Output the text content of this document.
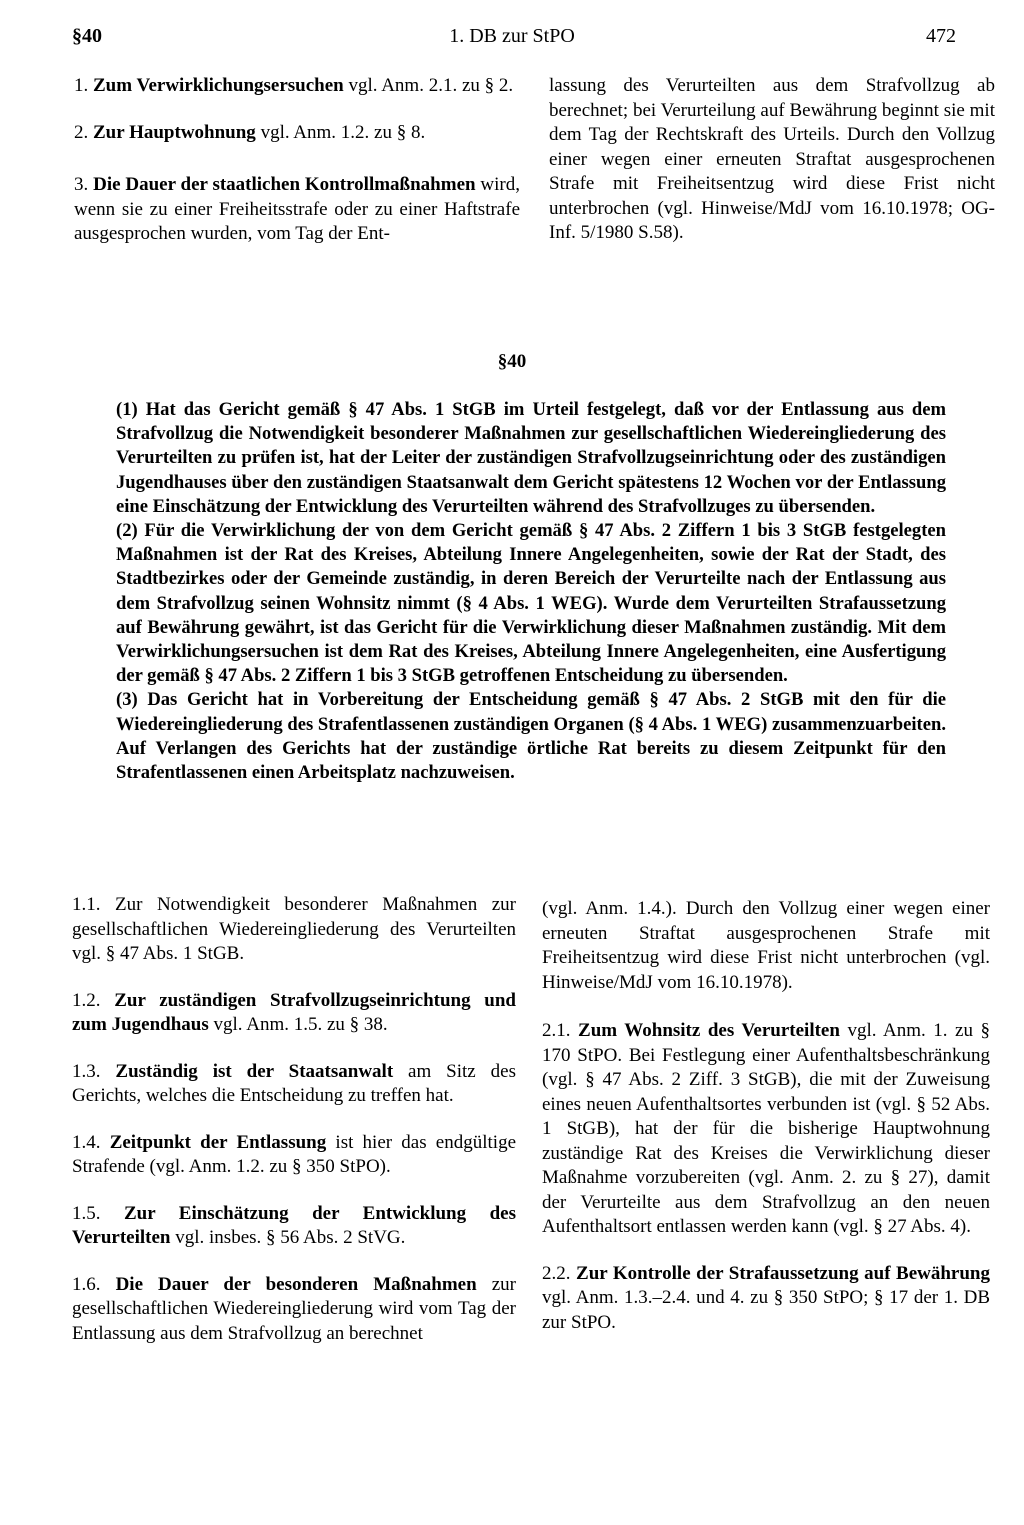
§40	1. DB zur StPO	472

1. Zum Verwirklichungsersuchen vgl. Anm. 2.1. zu § 2.

2. Zur Hauptwohnung vgl. Anm. 1.2. zu § 8.

3. Die Dauer der staatlichen Kontrollmaßnahmen wird, wenn sie zu einer Freiheitsstrafe oder zu einer Haftstrafe ausgesprochen wurden, vom Tag der Ent-

lassung des Verurteilten aus dem Strafvollzug ab berechnet; bei Verurteilung auf Bewährung beginnt sie mit dem Tag der Rechtskraft des Urteils. Durch den Vollzug einer wegen einer erneuten Straftat ausgesprochenen Strafe mit Freiheitsentzug wird diese Frist nicht unterbrochen (vgl. Hinweise/MdJ vom 16.10.1978; OG-Inf. 5/1980 S.58).

§40

(1) Hat das Gericht gemäß § 47 Abs. 1 StGB im Urteil festgelegt, daß vor der Entlassung aus dem Strafvollzug die Notwendigkeit besonderer Maßnahmen zur gesellschaftlichen Wiedereingliederung des Verurteilten zu prüfen ist, hat der Leiter der zuständigen Strafvollzugseinrichtung oder des zuständigen Jugendhauses über den zuständigen Staatsanwalt dem Gericht spätestens 12 Wochen vor der Entlassung eine Einschätzung der Entwicklung des Verurteilten während des Strafvollzuges zu übersenden.

(2) Für die Verwirklichung der von dem Gericht gemäß § 47 Abs. 2 Ziffern 1 bis 3 StGB festgelegten Maßnahmen ist der Rat des Kreises, Abteilung Innere Angelegenheiten, sowie der Rat der Stadt, des Stadtbezirkes oder der Gemeinde zuständig, in deren Bereich der Verurteilte nach der Entlassung aus dem Strafvollzug seinen Wohnsitz nimmt (§ 4 Abs. 1 WEG). Wurde dem Verurteilten Strafaussetzung auf Bewährung gewährt, ist das Gericht für die Verwirklichung dieser Maßnahmen zuständig. Mit dem Verwirklichungsersuchen ist dem Rat des Kreises, Abteilung Innere Angelegenheiten, eine Ausfertigung der gemäß § 47 Abs. 2 Ziffern 1 bis 3 StGB getroffenen Entscheidung zu übersenden.

(3) Das Gericht hat in Vorbereitung der Entscheidung gemäß § 47 Abs. 2 StGB mit den für die Wiedereingliederung des Strafentlassenen zuständigen Organen (§ 4 Abs. 1 WEG) zusammenzuarbeiten. Auf Verlangen des Gerichts hat der zuständige örtliche Rat bereits zu diesem Zeitpunkt für den Strafentlassenen einen Arbeitsplatz nachzuweisen.

1.1. Zur Notwendigkeit besonderer Maßnahmen zur gesellschaftlichen Wiedereingliederung des Verurteilten vgl. § 47 Abs. 1 StGB.

1.2. Zur zuständigen Strafvollzugseinrichtung und zum Jugendhaus vgl. Anm. 1.5. zu § 38.

1.3. Zuständig ist der Staatsanwalt am Sitz des Gerichts, welches die Entscheidung zu treffen hat.

1.4. Zeitpunkt der Entlassung ist hier das endgültige Strafende (vgl. Anm. 1.2. zu § 350 StPO).

1.5. Zur Einschätzung der Entwicklung des Verurteilten vgl. insbes. § 56 Abs. 2 StVG.

1.6. Die Dauer der besonderen Maßnahmen zur gesellschaftlichen Wiedereingliederung wird vom Tag der Entlassung aus dem Strafvollzug an berechnet

(vgl. Anm. 1.4.). Durch den Vollzug einer wegen einer erneuten Straftat ausgesprochenen Strafe mit Freiheitsentzug wird diese Frist nicht unterbrochen (vgl. Hinweise/MdJ vom 16.10.1978).

2.1. Zum Wohnsitz des Verurteilten vgl. Anm. 1. zu § 170 StPO. Bei Festlegung einer Aufenthaltsbeschränkung (vgl. § 47 Abs. 2 Ziff. 3 StGB), die mit der Zuweisung eines neuen Aufenthaltsortes verbunden ist (vgl. § 52 Abs. 1 StGB), hat der für die bisherige Hauptwohnung zuständige Rat des Kreises die Verwirklichung dieser Maßnahme vorzubereiten (vgl. Anm. 2. zu § 27), damit der Verurteilte aus dem Strafvollzug an den neuen Aufenthaltsort entlassen werden kann (vgl. § 27 Abs. 4).

2.2. Zur Kontrolle der Strafaussetzung auf Bewährung vgl. Anm. 1.3.–2.4. und 4. zu § 350 StPO; § 17 der 1. DB zur StPO.
